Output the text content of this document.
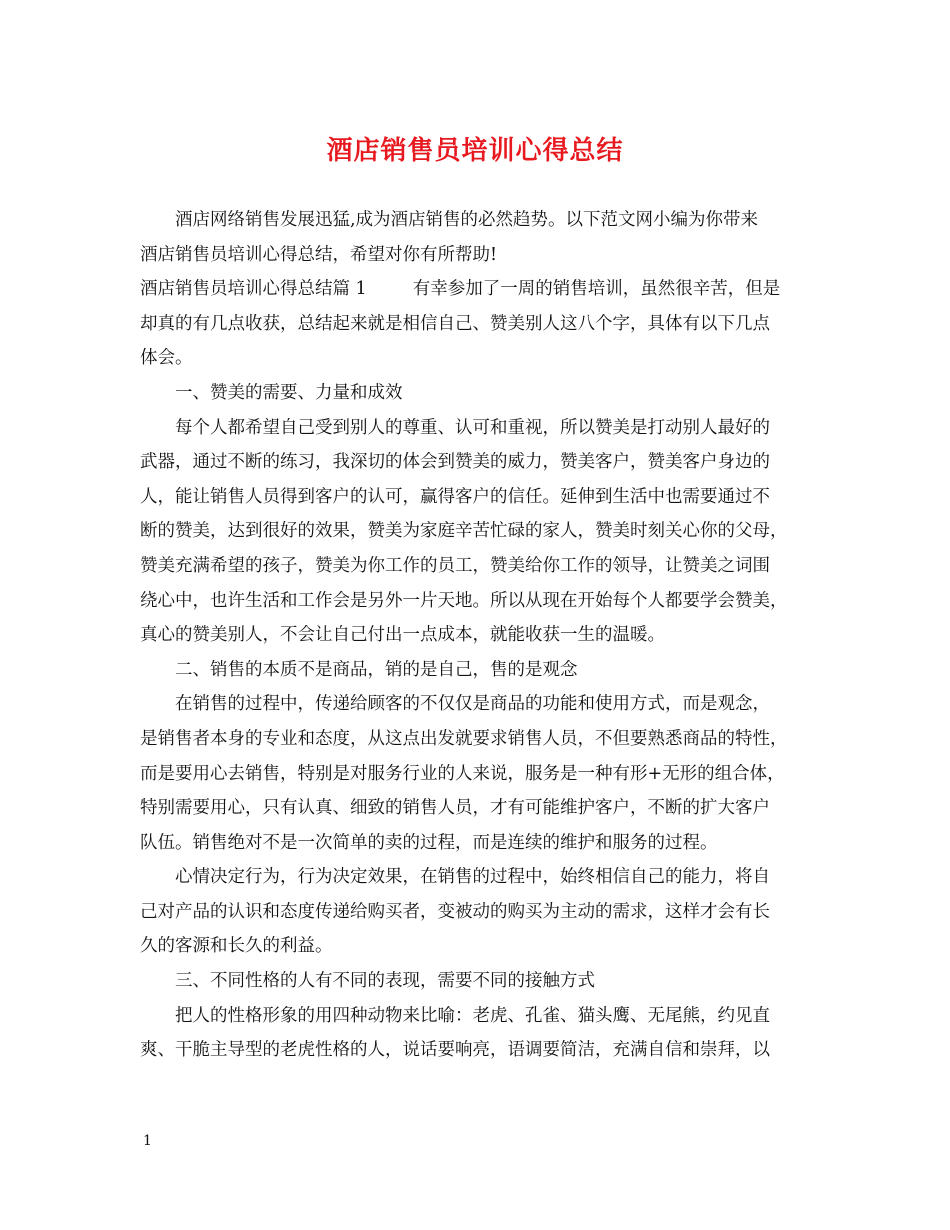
酒店销售员培训心得总结
酒店网络销售发展迅猛,成为酒店销售的必然趋势。以下范文网小编为你带来
酒店销售员培训心得总结，希望对你有所帮助!
酒店销售员培训心得总结篇 1	有幸参加了一周的销售培训，虽然很辛苦，但是
却真的有几点收获，总结起来就是相信自己、赞美别人这八个字，具体有以下几点
体会。
一、赞美的需要、力量和成效
每个人都希望自己受到别人的尊重、认可和重视，所以赞美是打动别人最好的
武器，通过不断的练习，我深切的体会到赞美的威力，赞美客户，赞美客户身边的
人，能让销售人员得到客户的认可，赢得客户的信任。延伸到生活中也需要通过不
断的赞美，达到很好的效果，赞美为家庭辛苦忙碌的家人，赞美时刻关心你的父母，
赞美充满希望的孩子，赞美为你工作的员工，赞美给你工作的领导，让赞美之词围
绕心中，也许生活和工作会是另外一片天地。所以从现在开始每个人都要学会赞美，
真心的赞美别人，不会让自己付出一点成本，就能收获一生的温暖。
二、销售的本质不是商品，销的是自己，售的是观念
在销售的过程中，传递给顾客的不仅仅是商品的功能和使用方式，而是观念，
是销售者本身的专业和态度，从这点出发就要求销售人员，不但要熟悉商品的特性，
而是要用心去销售，特别是对服务行业的人来说，服务是一种有形+无形的组合体，
特别需要用心，只有认真、细致的销售人员，才有可能维护客户，不断的扩大客户
队伍。销售绝对不是一次简单的卖的过程，而是连续的维护和服务的过程。
心情决定行为，行为决定效果，在销售的过程中，始终相信自己的能力，将自
己对产品的认识和态度传递给购买者，变被动的购买为主动的需求，这样才会有长
久的客源和长久的利益。
三、不同性格的人有不同的表现，需要不同的接触方式
把人的性格形象的用四种动物来比喻：老虎、孔雀、猫头鹰、无尾熊，约见直
爽、干脆主导型的老虎性格的人，说话要响亮，语调要简洁，充满自信和崇拜，以
1
